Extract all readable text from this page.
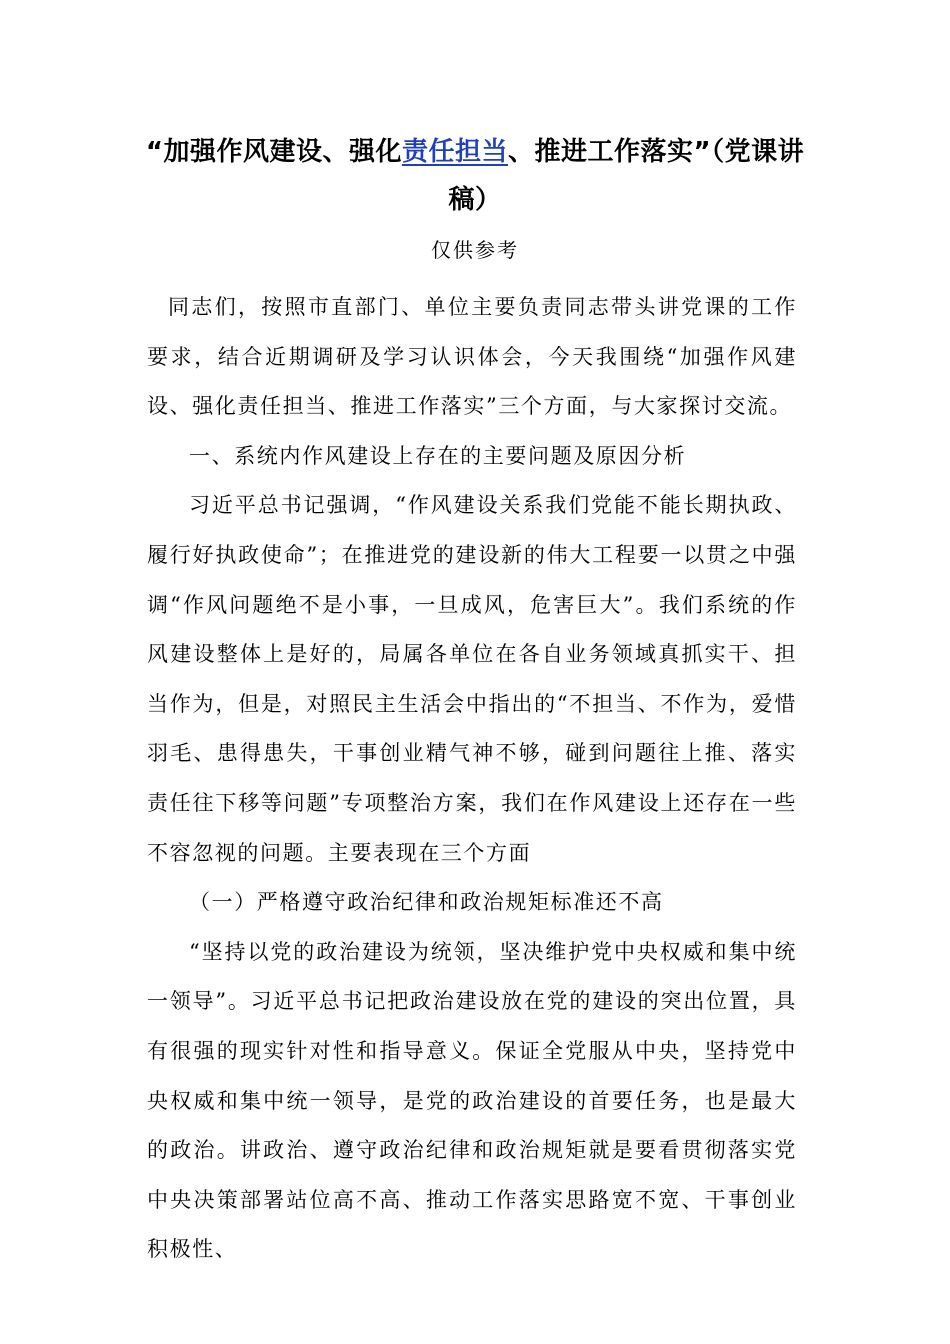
“加强作风建设、强化责任担当、推进工作落实”（党课讲稿）
仅供参考

同志们，按照市直部门、单位主要负责同志带头讲党课的工作要求，结合近期调研及学习认识体会，今天我围绕“加强作风建设、强化责任担当、推进工作落实”三个方面，与大家探讨交流。

一、系统内作风建设上存在的主要问题及原因分析

习近平总书记强调，“作风建设关系我们党能不能长期执政、履行好执政使命”；在推进党的建设新的伟大工程要一以贯之中强调“作风问题绝不是小事，一旦成风，危害巨大”。我们系统的作风建设整体上是好的，局属各单位在各自业务领域真抓实干、担当作为，但是，对照民主生活会中指出的“不担当、不作为，爱惜羽毛、患得患失，干事创业精气神不够，碰到问题往上推、落实责任往下移等问题”专项整治方案，我们在作风建设上还存在一些不容忽视的问题。主要表现在三个方面

（一）严格遵守政治纪律和政治规矩标准还不高

“坚持以党的政治建设为统领，坚决维护党中央权威和集中统一领导”。习近平总书记把政治建设放在党的建设的突出位置，具有很强的现实针对性和指导意义。保证全党服从中央，坚持党中央权威和集中统一领导，是党的政治建设的首要任务，也是最大的政治。讲政治、遵守政治纪律和政治规矩就是要看贯彻落实党中央决策部署站位高不高、推动工作落实思路宽不宽、干事创业积极性、
